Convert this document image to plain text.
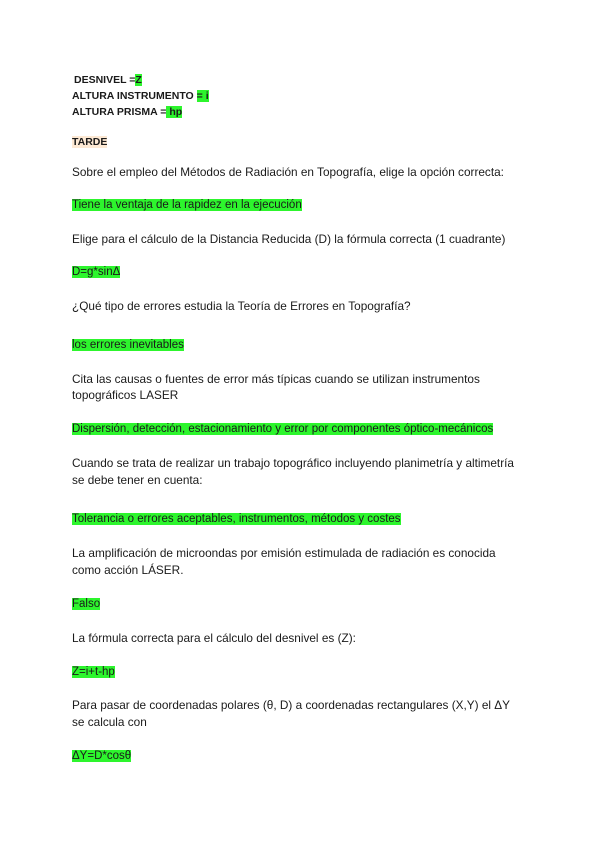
DESNIVEL =Z
ALTURA INSTRUMENTO = i
ALTURA PRISMA = hp
TARDE
Sobre el empleo del Métodos de Radiación en Topografía, elige la opción correcta:
Tiene la ventaja de la rapidez en la ejecución
Elige para el cálculo de la Distancia Reducida (D) la fórmula correcta (1 cuadrante)
D=g*sinΔ
¿Qué tipo de errores estudia la Teoría de Errores en Topografía?
los errores inevitables
Cita las causas o fuentes de error más típicas cuando se utilizan instrumentos
topográficos LASER
Dispersión, detección, estacionamiento y error por componentes óptico-mecánicos
Cuando se trata de realizar un trabajo topográfico incluyendo planimetría y altimetría
se debe tener en cuenta:
Tolerancia o errores aceptables, instrumentos, métodos y costes
La amplificación de microondas por emisión estimulada de radiación es conocida
como acción LÁSER.
Falso
La fórmula correcta para el cálculo del desnivel es (Z):
Z=i+t-hp
Para pasar de coordenadas polares (θ, D) a coordenadas rectangulares (X,Y) el ΔY
se calcula con
ΔY=D*cosθ
